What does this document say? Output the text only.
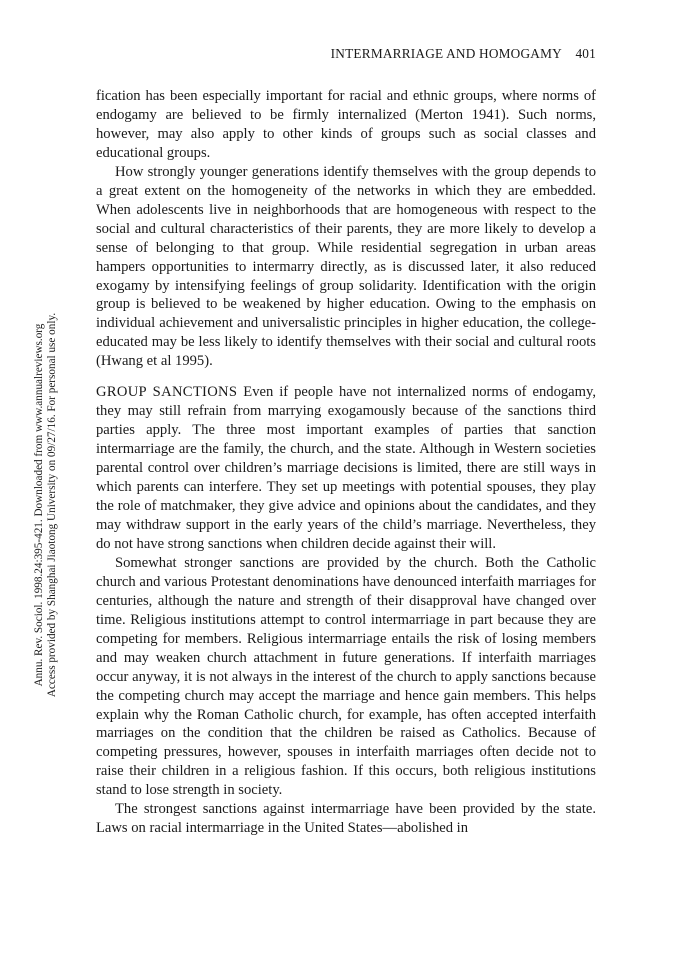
INTERMARRIAGE AND HOMOGAMY 401
Annu. Rev. Sociol. 1998.24:395-421. Downloaded from www.annualreviews.org Access provided by Shanghai Jiaotong University on 09/27/16. For personal use only.

fication has been especially important for racial and ethnic groups, where norms of endogamy are believed to be firmly internalized (Merton 1941). Such norms, however, may also apply to other kinds of groups such as social classes and educational groups.

How strongly younger generations identify themselves with the group depends to a great extent on the homogeneity of the networks in which they are embedded. When adolescents live in neighborhoods that are homogeneous with respect to the social and cultural characteristics of their parents, they are more likely to develop a sense of belonging to that group. While residential segregation in urban areas hampers opportunities to intermarry directly, as is discussed later, it also reduced exogamy by intensifying feelings of group solidarity. Identification with the origin group is believed to be weakened by higher education. Owing to the emphasis on individual achievement and universalistic principles in higher education, the college-educated may be less likely to identify themselves with their social and cultural roots (Hwang et al 1995).

GROUP SANCTIONS Even if people have not internalized norms of endogamy, they may still refrain from marrying exogamously because of the sanctions third parties apply. The three most important examples of parties that sanction intermarriage are the family, the church, and the state. Although in Western societies parental control over children’s marriage decisions is limited, there are still ways in which parents can interfere. They set up meetings with potential spouses, they play the role of matchmaker, they give advice and opinions about the candidates, and they may withdraw support in the early years of the child’s marriage. Nevertheless, they do not have strong sanctions when children decide against their will.

Somewhat stronger sanctions are provided by the church. Both the Catholic church and various Protestant denominations have denounced interfaith marriages for centuries, although the nature and strength of their disapproval have changed over time. Religious institutions attempt to control intermarriage in part because they are competing for members. Religious intermarriage entails the risk of losing members and may weaken church attachment in future generations. If interfaith marriages occur anyway, it is not always in the interest of the church to apply sanctions because the competing church may accept the marriage and hence gain members. This helps explain why the Roman Catholic church, for example, has often accepted interfaith marriages on the condition that the children be raised as Catholics. Because of competing pressures, however, spouses in interfaith marriages often decide not to raise their children in a religious fashion. If this occurs, both religious institutions stand to lose strength in society.

The strongest sanctions against intermarriage have been provided by the state. Laws on racial intermarriage in the United States—abolished in
